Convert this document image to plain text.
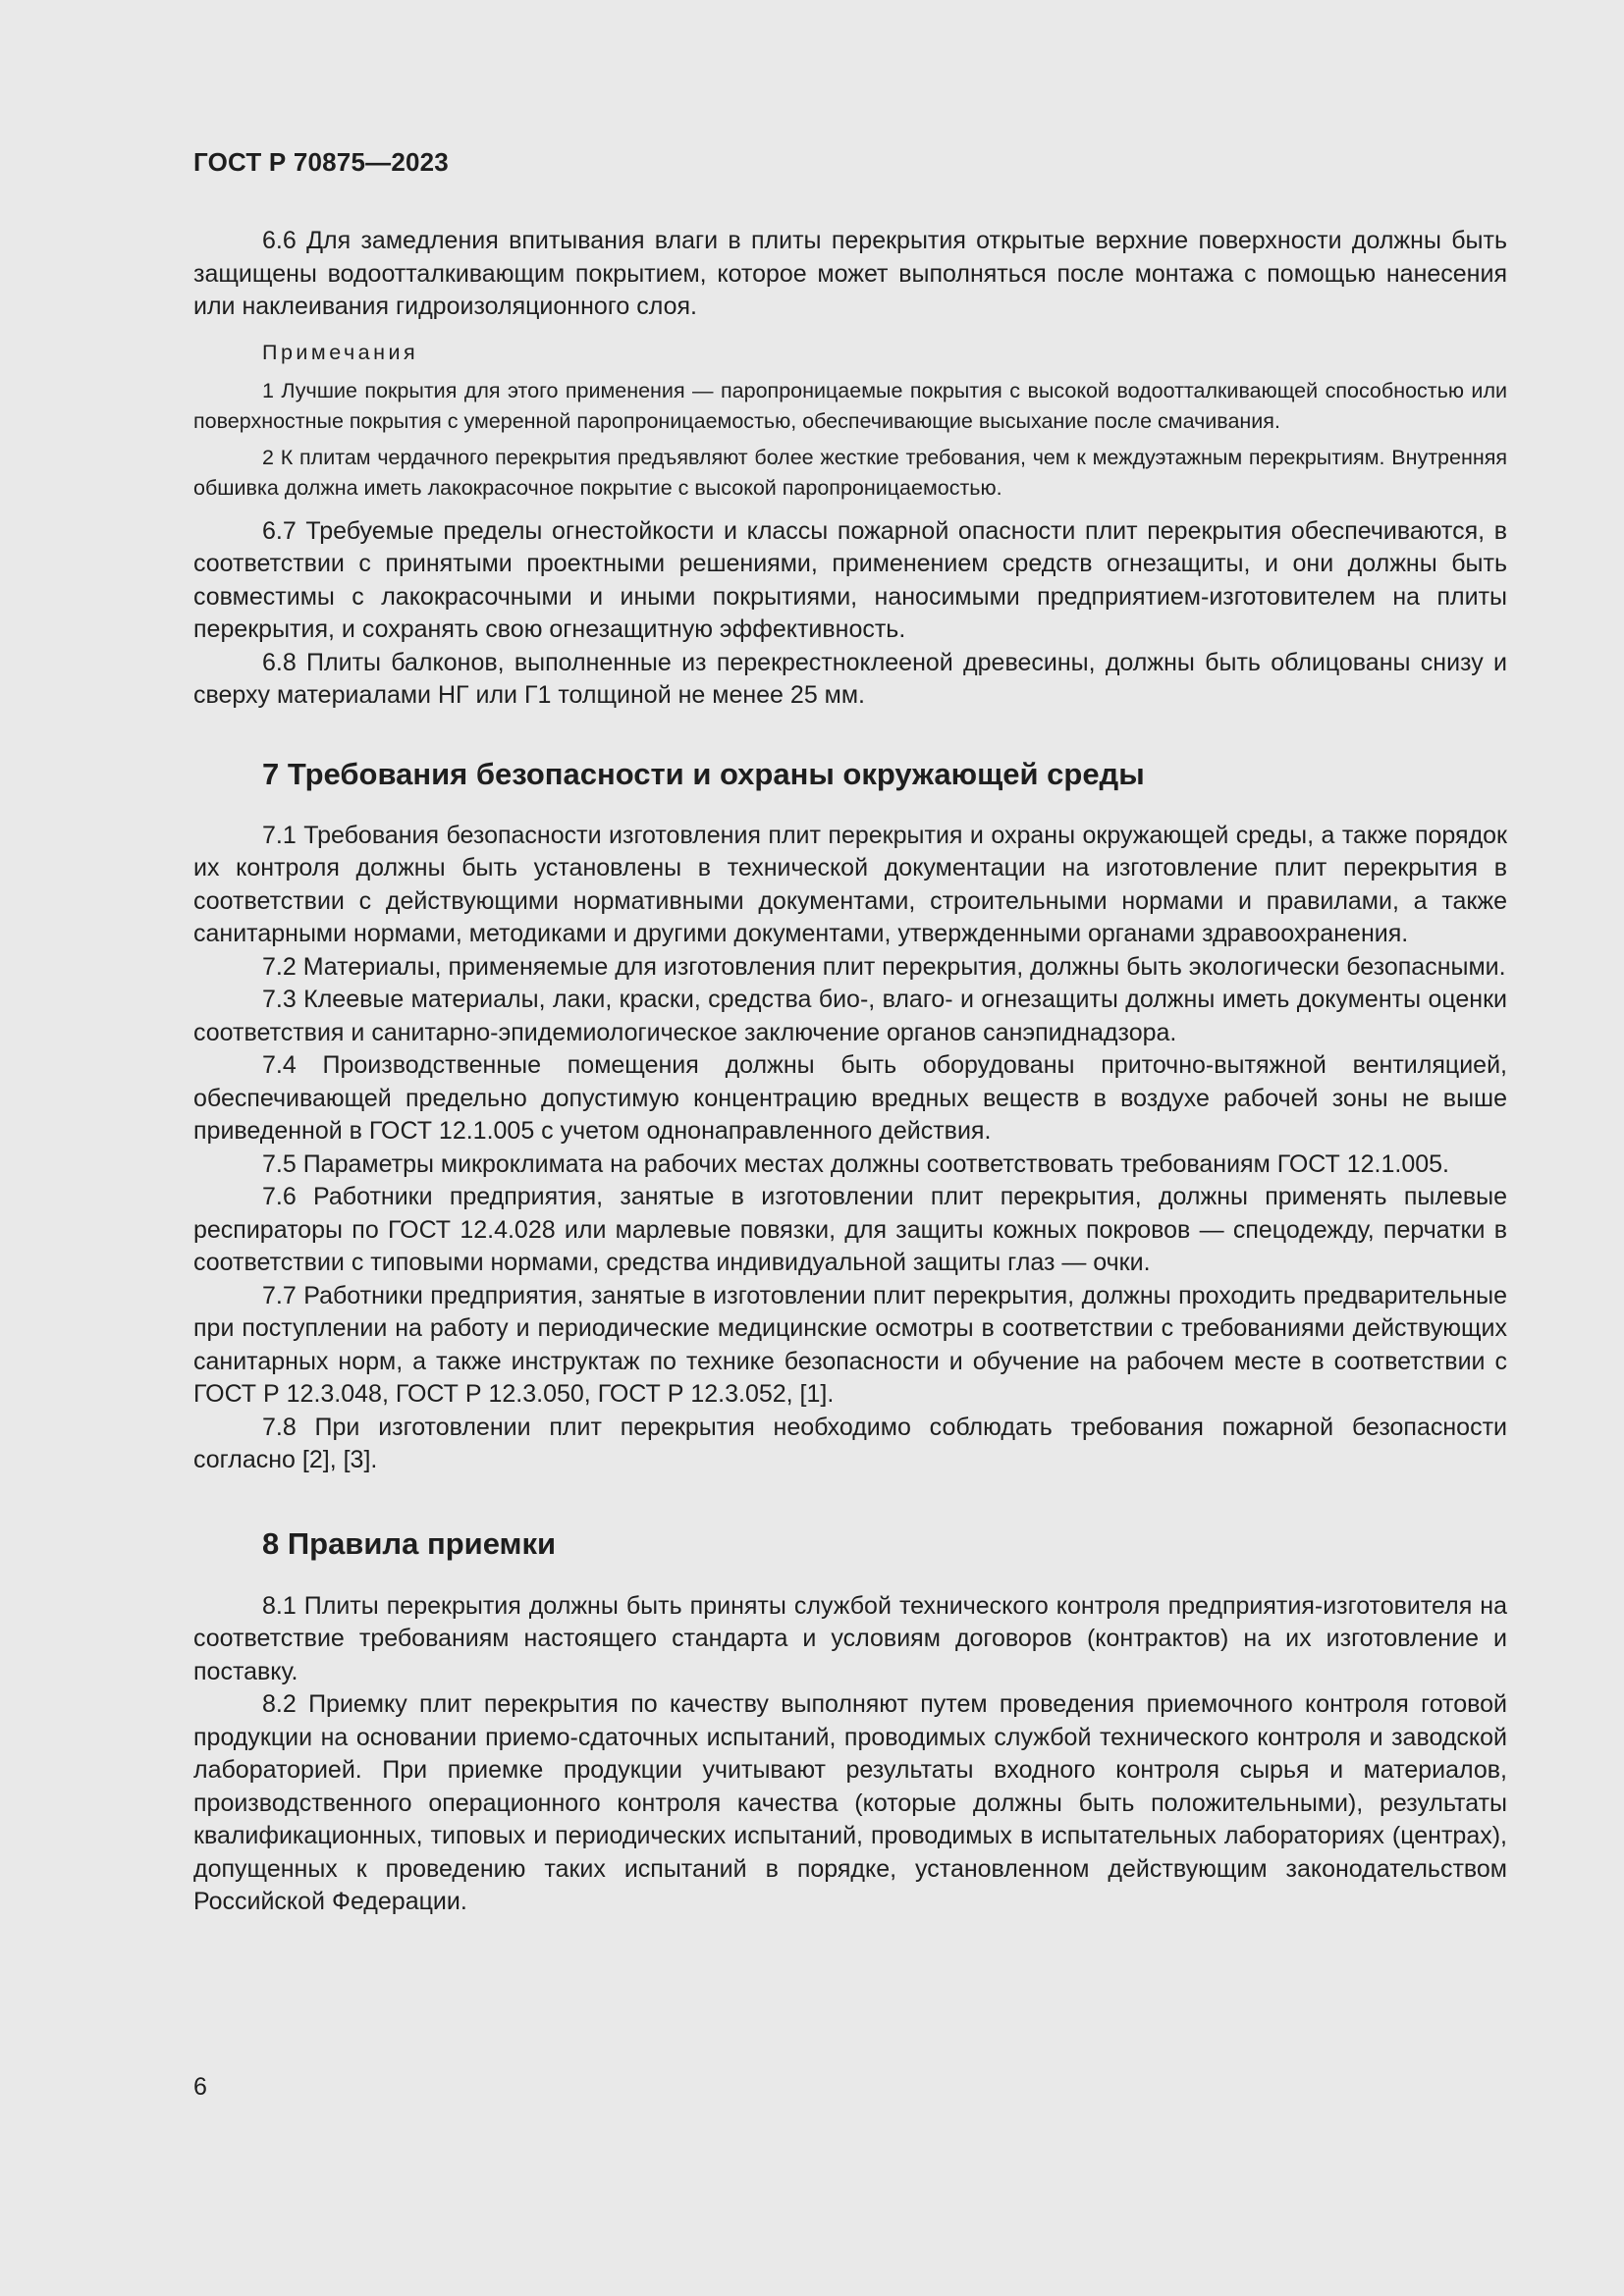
ГОСТ Р 70875—2023

6.6 Для замедления впитывания влаги в плиты перекрытия открытые верхние поверхности должны быть защищены водоотталкивающим покрытием, которое может выполняться после монтажа с помощью нанесения или наклеивания гидроизоляционного слоя.

Примечания

1 Лучшие покрытия для этого применения — паропроницаемые покрытия с высокой водоотталкивающей способностью или поверхностные покрытия с умеренной паропроницаемостью, обеспечивающие высыхание после смачивания.

2 К плитам чердачного перекрытия предъявляют более жесткие требования, чем к междуэтажным перекрытиям. Внутренняя обшивка должна иметь лакокрасочное покрытие с высокой паропроницаемостью.

6.7 Требуемые пределы огнестойкости и классы пожарной опасности плит перекрытия обеспечиваются, в соответствии с принятыми проектными решениями, применением средств огнезащиты, и они должны быть совместимы с лакокрасочными и иными покрытиями, наносимыми предприятием-изготовителем на плиты перекрытия, и сохранять свою огнезащитную эффективность.

6.8 Плиты балконов, выполненные из перекрестноклееной древесины, должны быть облицованы снизу и сверху материалами НГ или Г1 толщиной не менее 25 мм.

7 Требования безопасности и охраны окружающей среды

7.1 Требования безопасности изготовления плит перекрытия и охраны окружающей среды, а также порядок их контроля должны быть установлены в технической документации на изготовление плит перекрытия в соответствии с действующими нормативными документами, строительными нормами и правилами, а также санитарными нормами, методиками и другими документами, утвержденными органами здравоохранения.

7.2 Материалы, применяемые для изготовления плит перекрытия, должны быть экологически безопасными.

7.3 Клеевые материалы, лаки, краски, средства био-, влаго- и огнезащиты должны иметь документы оценки соответствия и санитарно-эпидемиологическое заключение органов санэпиднадзора.

7.4 Производственные помещения должны быть оборудованы приточно-вытяжной вентиляцией, обеспечивающей предельно допустимую концентрацию вредных веществ в воздухе рабочей зоны не выше приведенной в ГОСТ 12.1.005 с учетом однонаправленного действия.

7.5 Параметры микроклимата на рабочих местах должны соответствовать требованиям ГОСТ 12.1.005.

7.6 Работники предприятия, занятые в изготовлении плит перекрытия, должны применять пылевые респираторы по ГОСТ 12.4.028 или марлевые повязки, для защиты кожных покровов — спецодежду, перчатки в соответствии с типовыми нормами, средства индивидуальной защиты глаз — очки.

7.7 Работники предприятия, занятые в изготовлении плит перекрытия, должны проходить предварительные при поступлении на работу и периодические медицинские осмотры в соответствии с требованиями действующих санитарных норм, а также инструктаж по технике безопасности и обучение на рабочем месте в соответствии с ГОСТ Р 12.3.048, ГОСТ Р 12.3.050, ГОСТ Р 12.3.052, [1].

7.8 При изготовлении плит перекрытия необходимо соблюдать требования пожарной безопасности согласно [2], [3].

8 Правила приемки

8.1 Плиты перекрытия должны быть приняты службой технического контроля предприятия-изготовителя на соответствие требованиям настоящего стандарта и условиям договоров (контрактов) на их изготовление и поставку.

8.2 Приемку плит перекрытия по качеству выполняют путем проведения приемочного контроля готовой продукции на основании приемо-сдаточных испытаний, проводимых службой технического контроля и заводской лабораторией. При приемке продукции учитывают результаты входного контроля сырья и материалов, производственного операционного контроля качества (которые должны быть положительными), результаты квалификационных, типовых и периодических испытаний, проводимых в испытательных лабораториях (центрах), допущенных к проведению таких испытаний в порядке, установленном действующим законодательством Российской Федерации.

6
